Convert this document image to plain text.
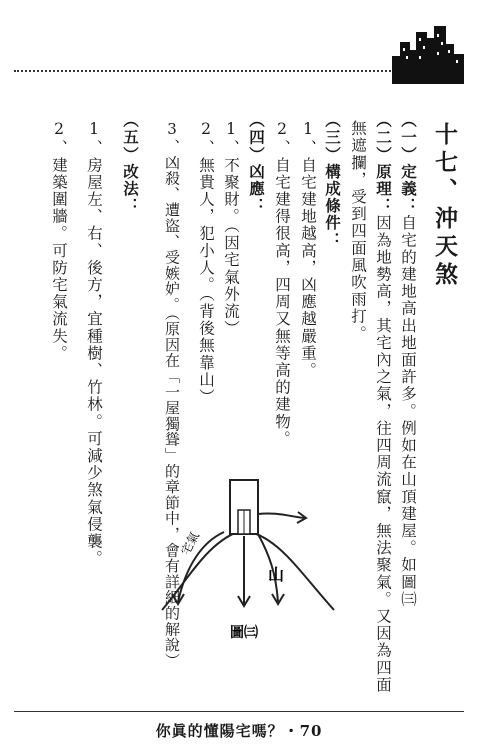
十七、沖天煞
（一）定義：自宅的建地高出地面許多。例如在山頂建屋。如圖㈢
（二）原理：因為地勢高，其宅內之氣，往四周流竄，無法聚氣。又因為四面
無遮攔，受到四面風吹雨打。
（三）構成條件：
1、自宅建地越高，凶應越嚴重。
2、自宅建得很高，四周又無等高的建物。
（四）凶應：
1、不聚財。（因宅氣外流）
2、無貴人，犯小人。（背後無靠山）
3、凶殺、遭盜、受嫉妒。（原因在「一屋獨聳」的章節中，會有詳細的解說）
（五）改法：
1、房屋左、右、後方，宜種樹、竹林。可減少煞氣侵襲。
2、建築圍牆。可防宅氣流失。
宅氣
山
圖㈢
你眞的懂陽宅嗎？・70
